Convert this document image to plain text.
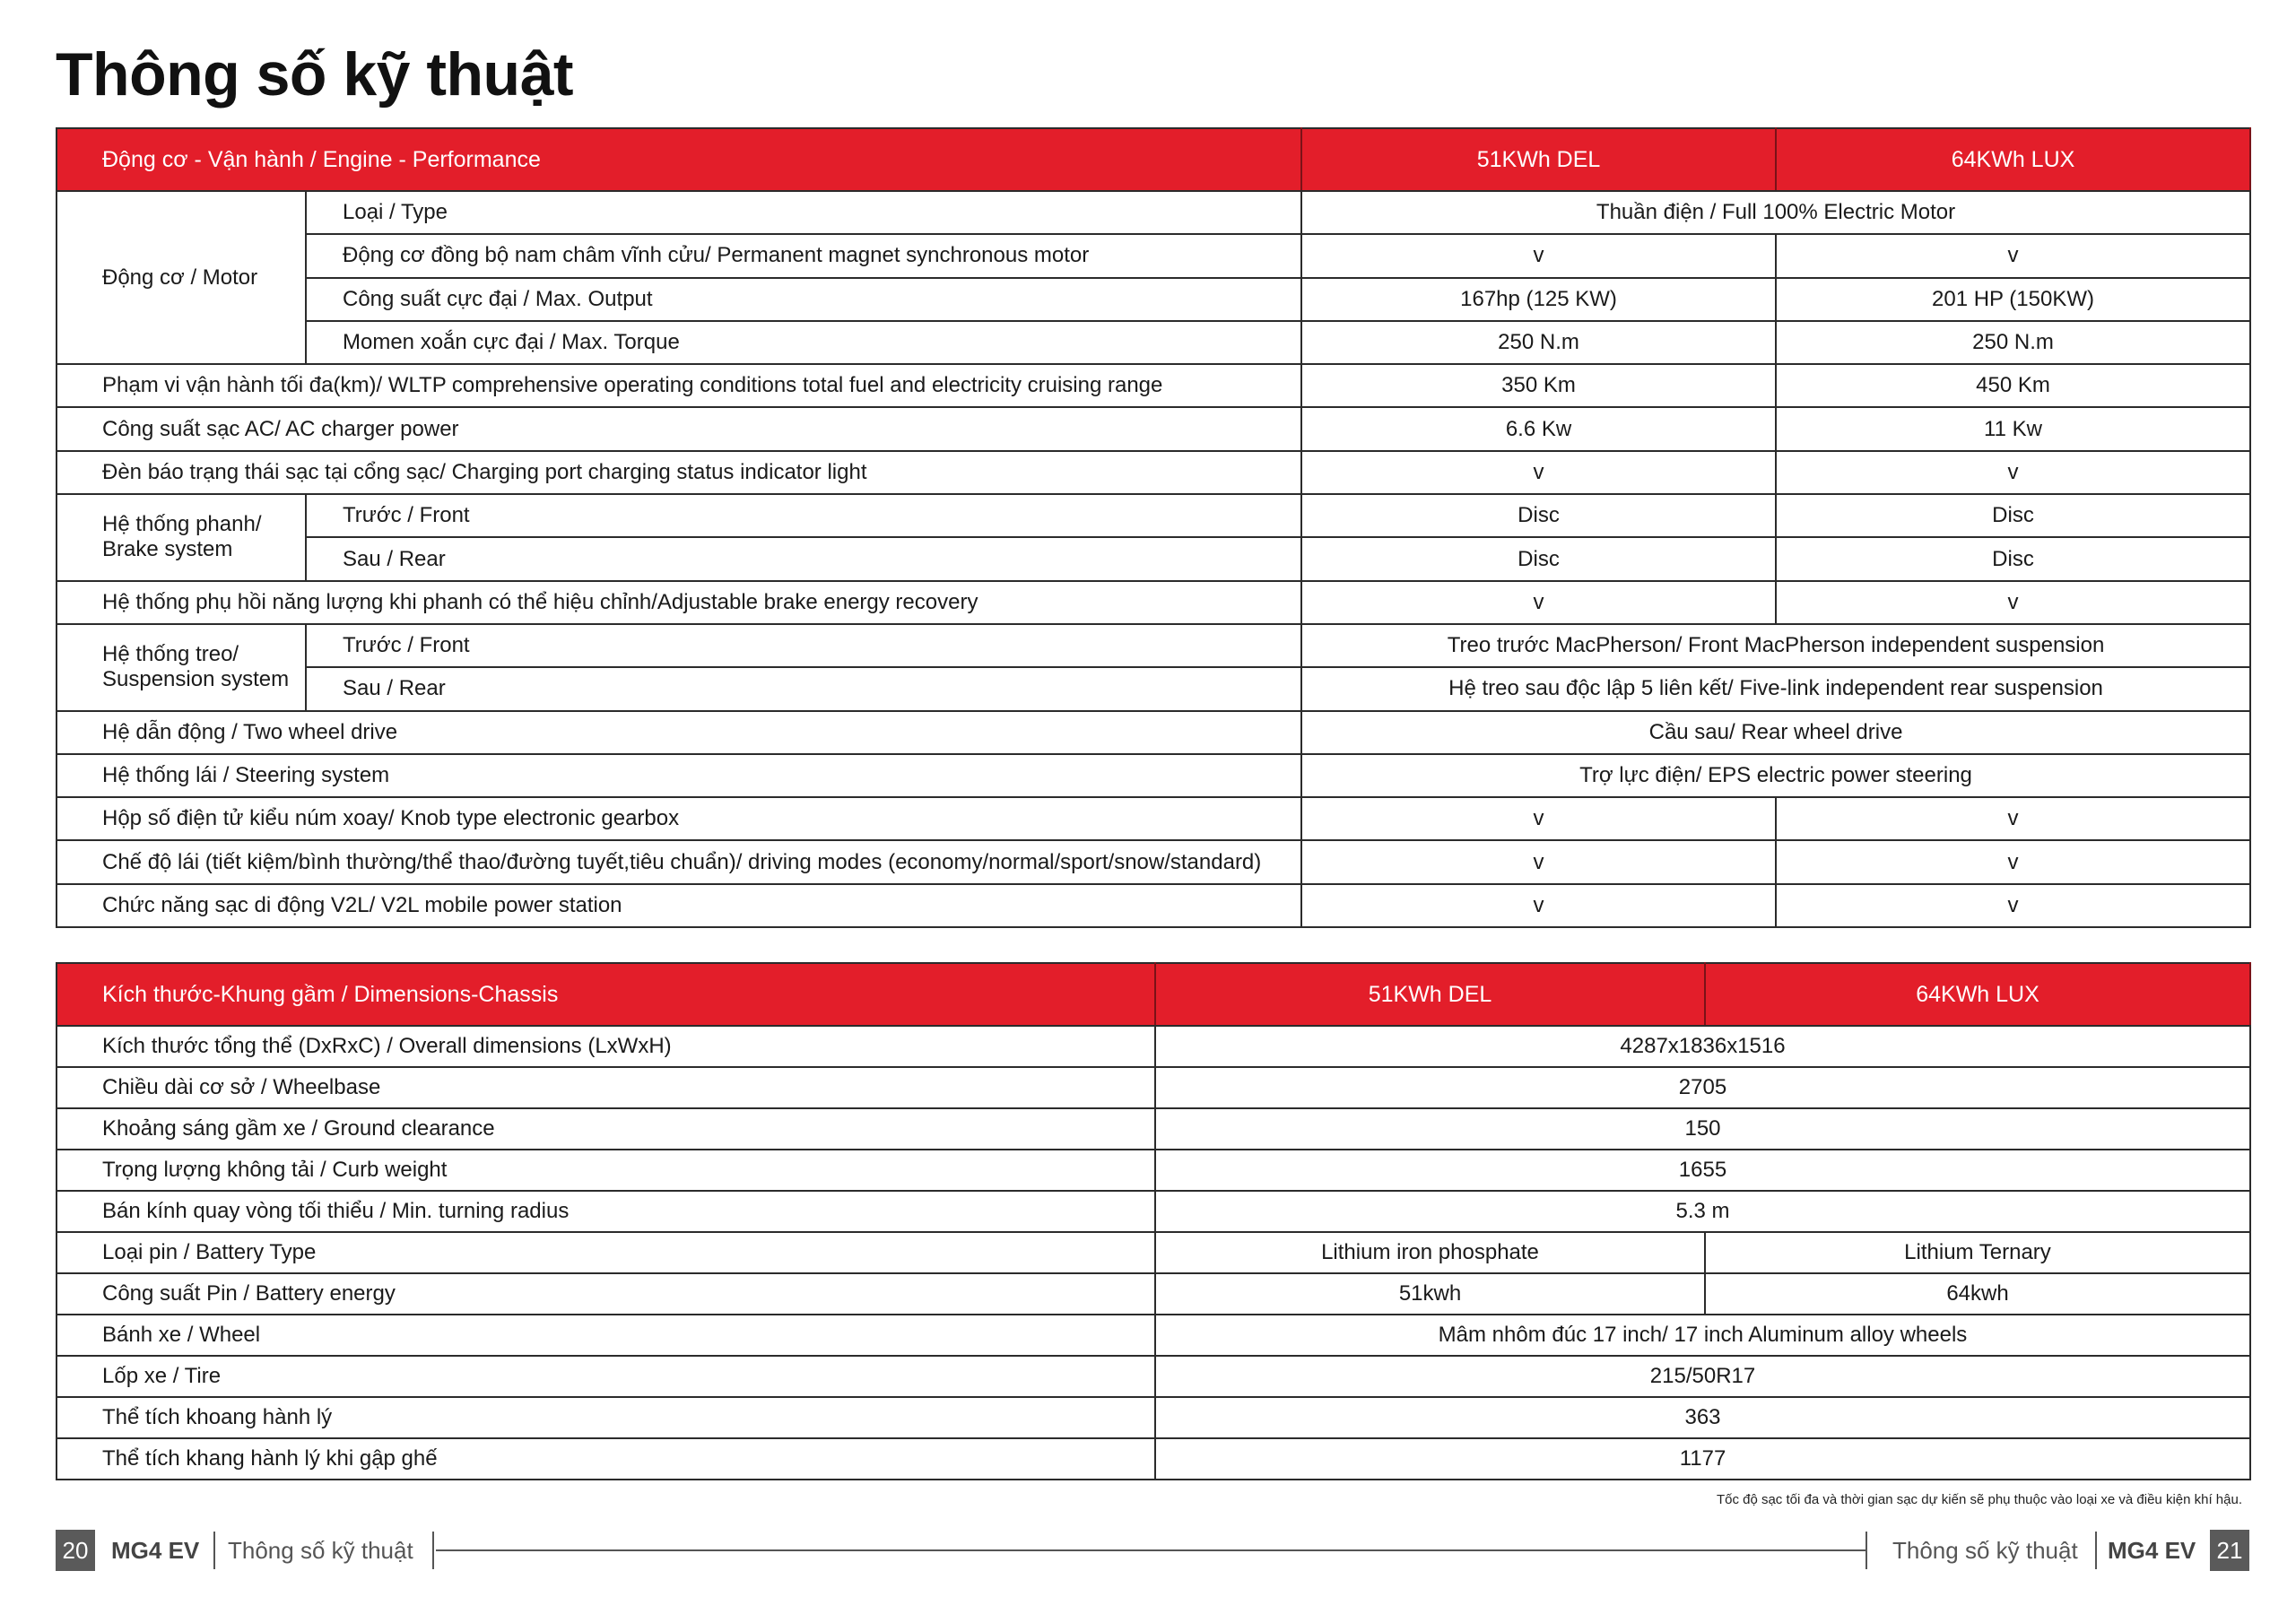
Thông số kỹ thuật
Động cơ - Vận hành / Engine - Performance		51KWh DEL	64KWh LUX
Động cơ / Motor	Loại / Type	Thuần điện / Full 100% Electric Motor	
	Động cơ đồng bộ nam châm vĩnh cửu/ Permanent magnet synchronous motor	v	v
	Công suất cực đại / Max. Output	167hp (125 KW)	201 HP (150KW)
	Momen xoắn cực đại / Max. Torque	250 N.m	250 N.m
Phạm vi vận hành tối đa(km)/ WLTP comprehensive operating conditions total fuel and electricity cruising range		350 Km	450 Km
Công suất sạc AC/ AC charger power		6.6 Kw	11 Kw
Đèn báo trạng thái sạc tại cổng sạc/ Charging port charging status indicator light		v	v
Hệ thống phanh/
Brake system	Trước / Front	Disc	Disc
	Sau / Rear	Disc	Disc
Hệ thống phụ hồi năng lượng khi phanh có thể hiệu chỉnh/Adjustable brake energy recovery		v	v
Hệ thống treo/
Suspension system	Trước / Front	Treo trước MacPherson/ Front MacPherson independent suspension	
	Sau / Rear	Hệ treo sau độc lập 5 liên kết/ Five-link independent rear suspension	
Hệ dẫn động / Two wheel drive		Cầu sau/ Rear wheel drive	
Hệ thống lái / Steering system		Trợ lực điện/ EPS electric power steering	
Hộp số điện tử kiểu núm xoay/ Knob type electronic gearbox		v	v
Chế độ lái (tiết kiệm/bình thường/thể thao/đường tuyết,tiêu chuẩn)/ driving modes (economy/normal/sport/snow/standard)		v	v
Chức năng sạc di động V2L/ V2L mobile power station		v	v
Kích thước-Khung gầm / Dimensions-Chassis	51KWh DEL	64KWh LUX
Kích thước tổng thể (DxRxC) / Overall dimensions (LxWxH)	4287x1836x1516	
Chiều dài cơ sở / Wheelbase	2705	
Khoảng sáng gầm xe / Ground clearance	150	
Trọng lượng không tải / Curb weight	1655	
Bán kính quay vòng tối thiểu / Min. turning radius	5.3 m	
Loại pin / Battery Type	Lithium iron phosphate	Lithium Ternary
Công suất Pin / Battery energy	51kwh	64kwh
Bánh xe / Wheel	Mâm nhôm đúc 17 inch/ 17 inch Aluminum alloy wheels	
Lốp xe / Tire	215/50R17	
Thể tích khoang hành lý	363	
Thể tích khang hành lý khi gập ghế	1177	
Tốc độ sạc tối đa và thời gian sạc dự kiến sẽ phụ thuộc vào loại xe và điều kiện khí hậu.
20 MG4 EV Thông số kỹ thuật	Thông số kỹ thuật MG4 EV 21
